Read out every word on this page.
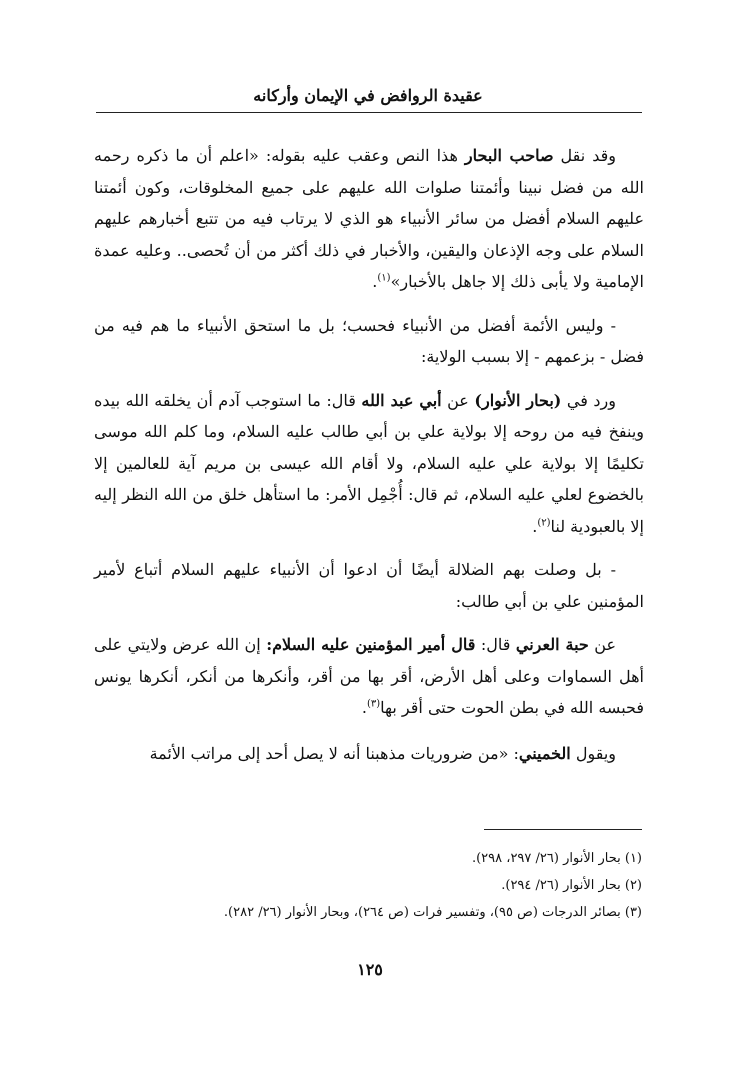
عقيدة الروافض في الإيمان وأركانه

وقد نقل صاحب البحار هذا النص وعقب عليه بقوله: «اعلم أن ما ذكره رحمه الله من فضل نبينا وأئمتنا صلوات الله عليهم على جميع المخلوقات، وكون أئمتنا عليهم السلام أفضل من سائر الأنبياء هو الذي لا يرتاب فيه من تتبع أخبارهم عليهم السلام على وجه الإذعان واليقين، والأخبار في ذلك أكثر من أن تُحصى.. وعليه عمدة الإمامية ولا يأبى ذلك إلا جاهل بالأخبار»$^{(١)}$.

- وليس الأئمة أفضل من الأنبياء فحسب؛ بل ما استحق الأنبياء ما هم فيه من فضل - بزعمهم - إلا بسبب الولاية:

ورد في (بحار الأنوار) عن أبي عبد الله قال: ما استوجب آدم أن يخلقه الله بيده وينفخ فيه من روحه إلا بولاية علي بن أبي طالب عليه السلام، وما كلم الله موسى تكليمًا إلا بولاية علي عليه السلام، ولا أقام الله عيسى بن مريم آية للعالمين إلا بالخضوع لعلي عليه السلام، ثم قال: أُجْمِل الأمر: ما استأهل خلق من الله النظر إليه إلا بالعبودية لنا$^{(٢)}$.

- بل وصلت بهم الضلالة أيضًا أن ادعوا أن الأنبياء عليهم السلام أتباع لأمير المؤمنين علي بن أبي طالب:

عن حبة العرني قال: قال أمير المؤمنين عليه السلام: إن الله عرض ولايتي على أهل السماوات وعلى أهل الأرض، أقر بها من أقر، وأنكرها من أنكر، أنكرها يونس فحبسه الله في بطن الحوت حتى أقر بها$^{(٣)}$.

ويقول الخميني: «من ضروريات مذهبنا أنه لا يصل أحد إلى مراتب الأئمة

(١) بحار الأنوار (٢٦/ ٢٩٧، ٢٩٨).

(٢) بحار الأنوار (٢٦/ ٢٩٤).

(٣) بصائر الدرجات (ص ٩٥)، وتفسير فرات (ص ٢٦٤)، وبحار الأنوار (٢٦/ ٢٨٢).

١٢٥
